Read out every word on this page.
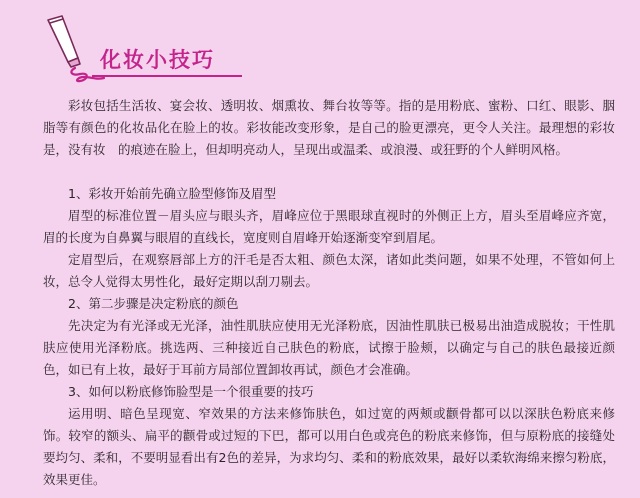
化妆小技巧

彩妆包括生活妆、宴会妆、透明妆、烟熏妆、舞台妆等等。指的是用粉底、蜜粉、口红、眼影、胭脂等有颜色的化妆品化在脸上的妆。彩妆能改变形象，是自己的脸更漂亮，更令人关注。最理想的彩妆是，没有妆　的痕迹在脸上，但却明亮动人，呈现出或温柔、或浪漫、或狂野的个人鲜明风格。

1、彩妆开始前先确立脸型修饰及眉型

眉型的标准位置－眉头应与眼头齐，眉峰应位于黑眼球直视时的外侧正上方，眉头至眉峰应齐宽，眉的长度为自鼻翼与眼眉的直线长，宽度则自眉峰开始逐渐变窄到眉尾。

定眉型后，在观察唇部上方的汗毛是否太粗、颜色太深，诸如此类问题，如果不处理，不管如何上妆，总令人觉得太男性化，最好定期以刮刀剔去。

2、第二步骤是决定粉底的颜色

先决定为有光泽或无光泽，油性肌肤应使用无光泽粉底，因油性肌肤已极易出油造成脱妆；干性肌肤应使用光泽粉底。挑选两、三种接近自己肤色的粉底，试擦于脸颊，以确定与自己的肤色最接近颜色，如已有上妆，最好于耳前方局部位置卸妆再试，颜色才会准确。

3、如何以粉底修饰脸型是一个很重要的技巧

运用明、暗色呈现宽、窄效果的方法来修饰肤色，如过宽的两颊或颧骨都可以以深肤色粉底来修饰。较窄的额头、扁平的颧骨或过短的下巴，都可以用白色或亮色的粉底来修饰，但与原粉底的接缝处要均匀、柔和，不要明显看出有2色的差异，为求均匀、柔和的粉底效果，最好以柔软海绵来擦匀粉底，效果更佳。
